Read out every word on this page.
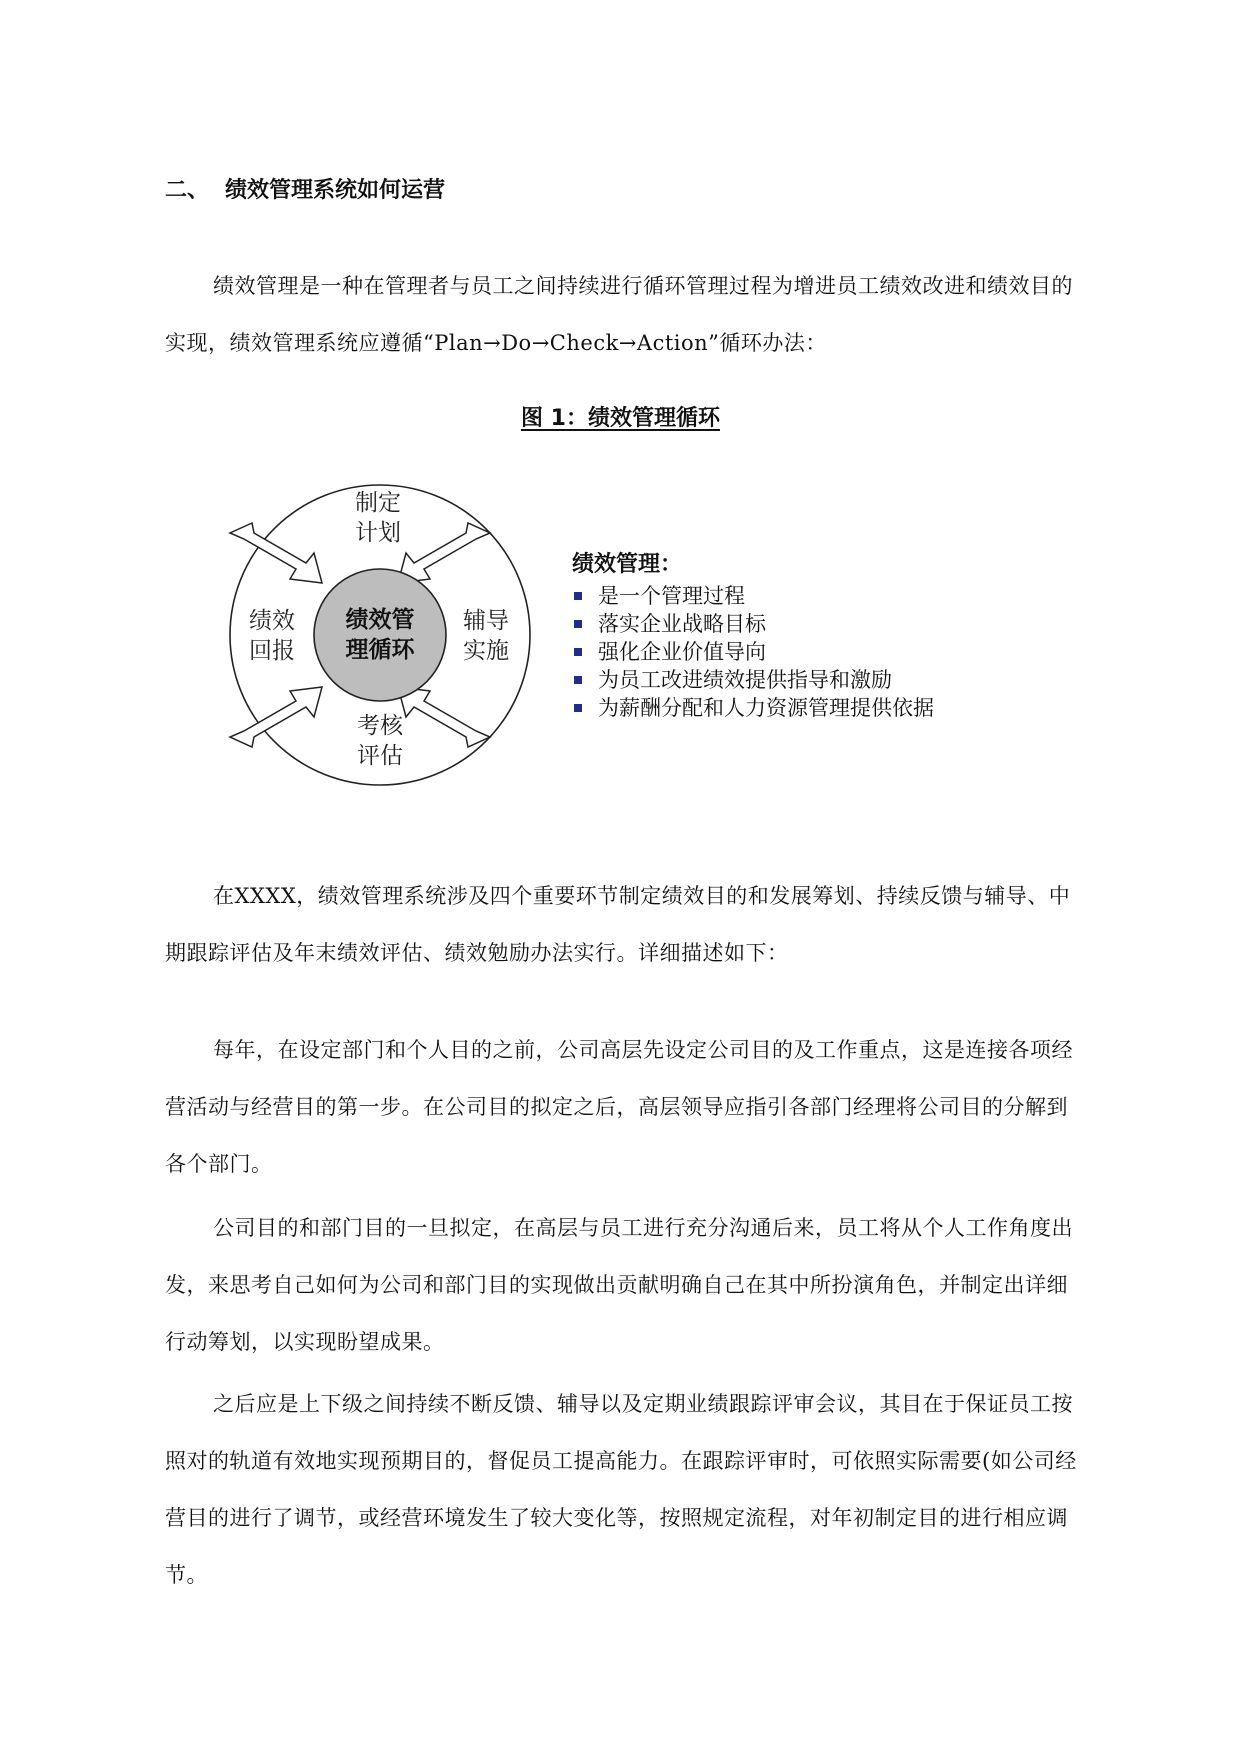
二、 绩效管理系统如何运营

绩效管理是一种在管理者与员工之间持续进行循环管理过程为增进员工绩效改进和绩效目的实现，绩效管理系统应遵循“Plan→Do→Check→Action”循环办法：

图 1：绩效管理循环
绩效管
理循环
制定
计划
辅导
实施
考核
评估
绩效
回报
绩效管理：
是一个管理过程
落实企业战略目标
强化企业价值导向
为员工改进绩效提供指导和激励
为薪酬分配和人力资源管理提供依据

在XXXX，绩效管理系统涉及四个重要环节制定绩效目的和发展筹划、持续反馈与辅导、中期跟踪评估及年末绩效评估、绩效勉励办法实行。详细描述如下：

每年，在设定部门和个人目的之前，公司高层先设定公司目的及工作重点，这是连接各项经营活动与经营目的第一步。在公司目的拟定之后，高层领导应指引各部门经理将公司目的分解到各个部门。

公司目的和部门目的一旦拟定，在高层与员工进行充分沟通后来，员工将从个人工作角度出发，来思考自己如何为公司和部门目的实现做出贡献明确自己在其中所扮演角色，并制定出详细行动筹划，以实现盼望成果。

之后应是上下级之间持续不断反馈、辅导以及定期业绩跟踪评审会议，其目在于保证员工按照对的轨道有效地实现预期目的，督促员工提高能力。在跟踪评审时，可依照实际需要(如公司经营目的进行了调节，或经营环境发生了较大变化等，按照规定流程，对年初制定目的进行相应调节。
